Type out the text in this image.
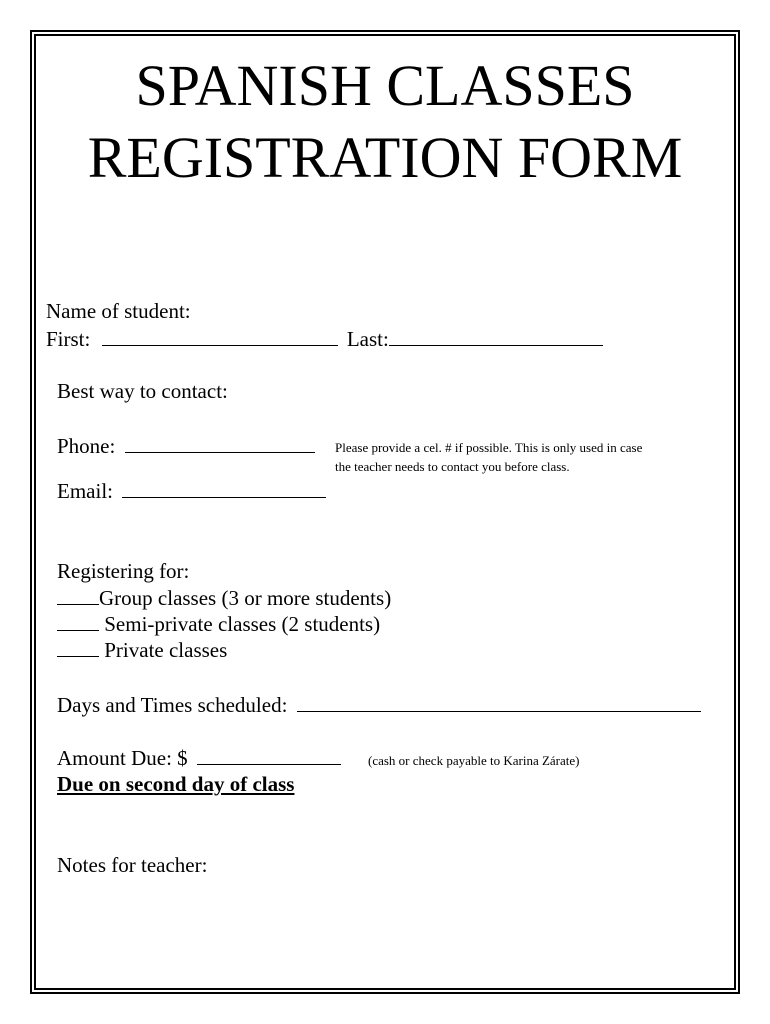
SPANISH CLASSES
REGISTRATION FORM
Name of student:
First:	Last:
Best way to contact:
Phone:	Please provide a cel. # if possible. This is only used in case
the teacher needs to contact you before class.
Email:
Registering for:
Group classes (3 or more students)
Semi-private classes (2 students)
Private classes
Days and Times scheduled:
Amount Due: $	(cash or check payable to Karina Zárate)
Due on second day of class
Notes for teacher:
